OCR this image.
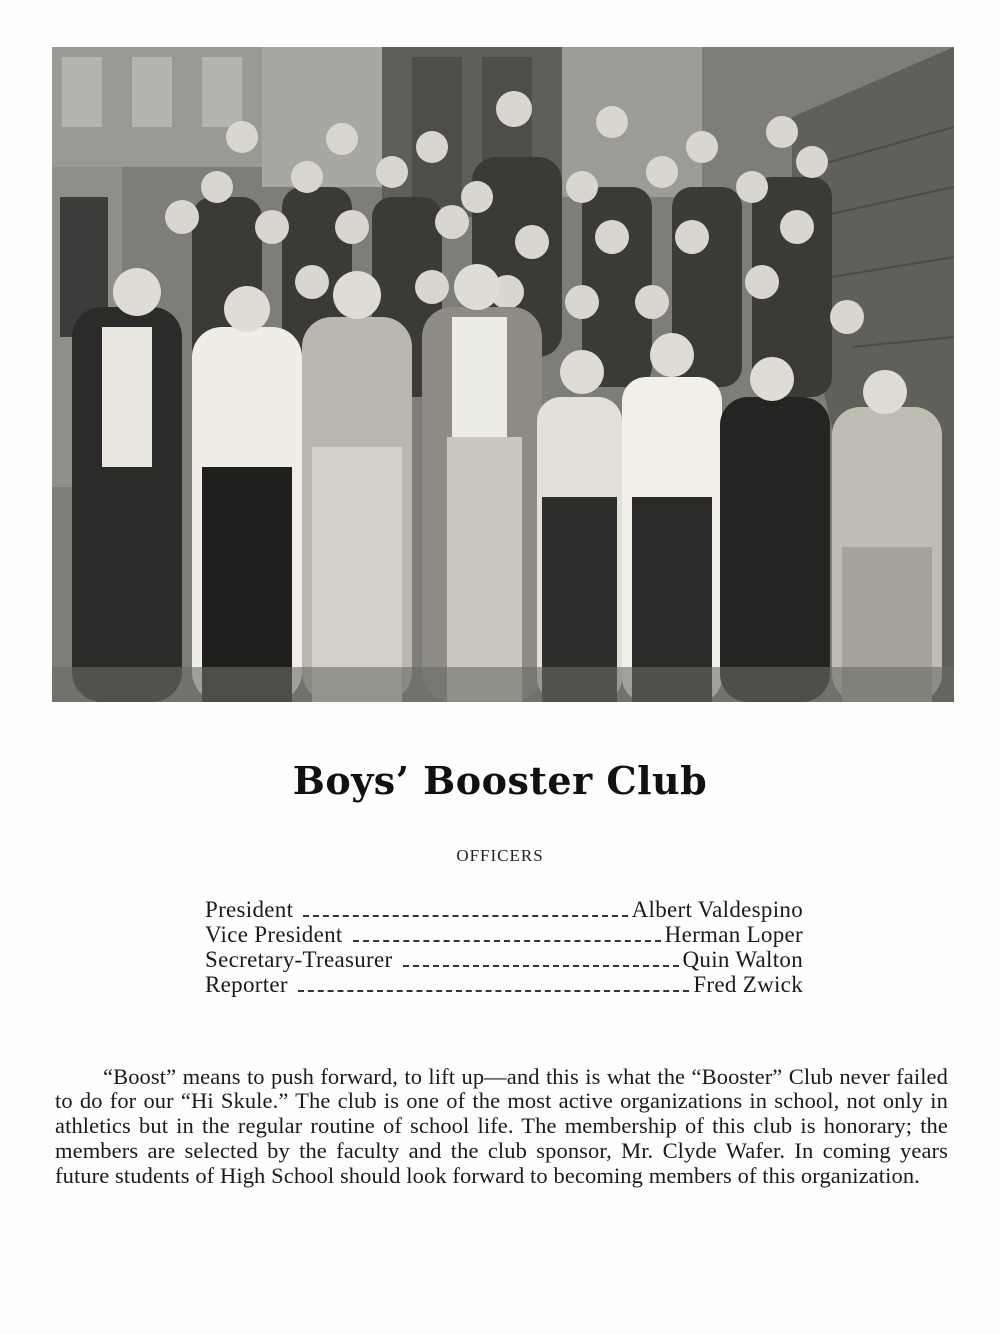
Boys’ Booster Club
OFFICERS
President	Albert Valdespino
Vice President	Herman Loper
Secretary-Treasurer	Quin Walton
Reporter	Fred Zwick

“Boost” means to push forward, to lift up—and this is what the “Booster” Club never failed to do for our “Hi Skule.” The club is one of the most active organizations in school, not only in athletics but in the regular routine of school life. The membership of this club is honorary; the members are selected by the faculty and the club sponsor, Mr. Clyde Wafer. In coming years future students of High School should look forward to becoming members of this organization.
